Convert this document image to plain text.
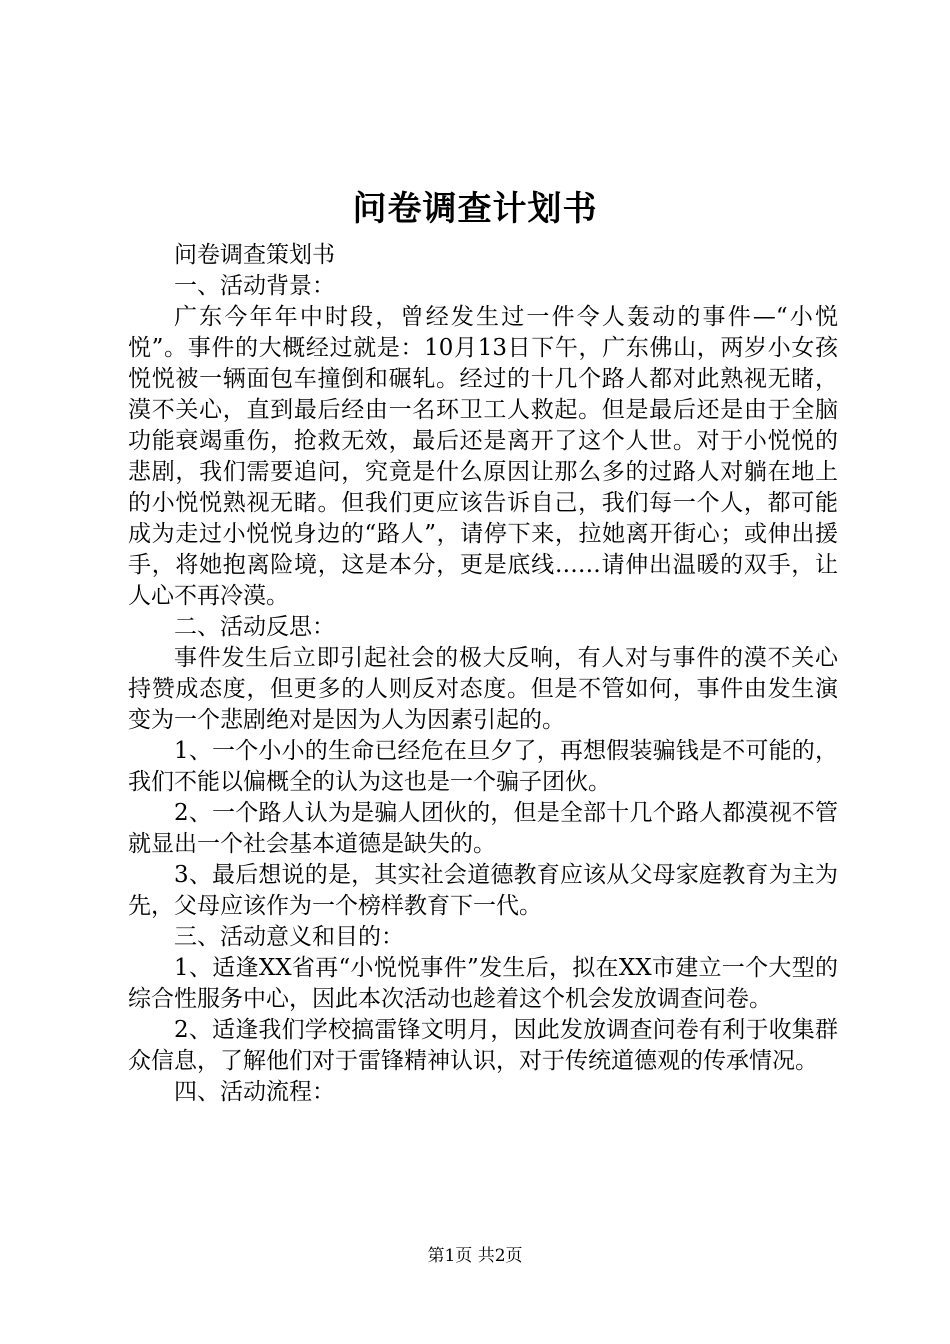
问卷调查计划书

问卷调查策划书

一、活动背景：

广东今年年中时段，曾经发生过一件令人轰动的事件—“小悦悦”。事件的大概经过就是：10月13日下午，广东佛山，两岁小女孩悦悦被一辆面包车撞倒和碾轧。经过的十几个路人都对此熟视无睹，漠不关心，直到最后经由一名环卫工人救起。但是最后还是由于全脑功能衰竭重伤，抢救无效，最后还是离开了这个人世。对于小悦悦的悲剧，我们需要追问，究竟是什么原因让那么多的过路人对躺在地上的小悦悦熟视无睹。但我们更应该告诉自己，我们每一个人，都可能成为走过小悦悦身边的“路人”，请停下来，拉她离开街心；或伸出援手，将她抱离险境，这是本分，更是底线……请伸出温暖的双手，让人心不再冷漠。

二、活动反思：

事件发生后立即引起社会的极大反响，有人对与事件的漠不关心持赞成态度，但更多的人则反对态度。但是不管如何，事件由发生演变为一个悲剧绝对是因为人为因素引起的。

1、一个小小的生命已经危在旦夕了，再想假装骗钱是不可能的，我们不能以偏概全的认为这也是一个骗子团伙。

2、一个路人认为是骗人团伙的，但是全部十几个路人都漠视不管就显出一个社会基本道德是缺失的。

3、最后想说的是，其实社会道德教育应该从父母家庭教育为主为先，父母应该作为一个榜样教育下一代。

三、活动意义和目的：

1、适逢XX省再“小悦悦事件”发生后，拟在XX市建立一个大型的综合性服务中心，因此本次活动也趁着这个机会发放调查问卷。

2、适逢我们学校搞雷锋文明月，因此发放调查问卷有利于收集群众信息，了解他们对于雷锋精神认识，对于传统道德观的传承情况。

四、活动流程：

第1页 共2页
